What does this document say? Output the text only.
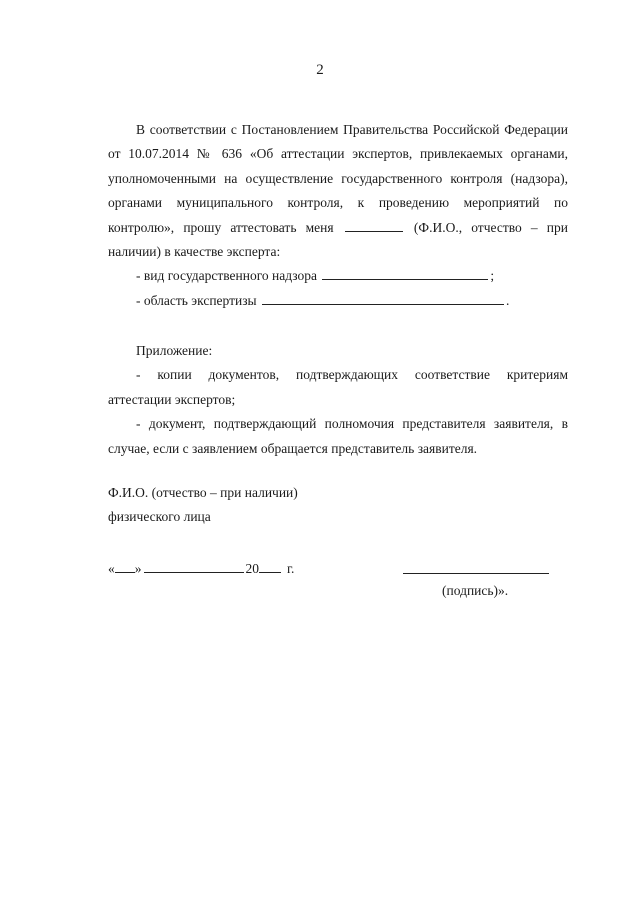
2

В соответствии с Постановлением Правительства Российской Федерации

от 10.07.2014 № 636 «Об аттестации экспертов, привлекаемых органами,

уполномоченными на осуществление государственного контроля (надзора),

органами муниципального контроля, к проведению мероприятий по

контролю», прошу аттестовать меня	(Ф.И.О., отчество – при

наличии) в качестве эксперта:

- вид государственного надзора	;

- область экспертизы	.

Приложение:

- копии документов, подтверждающих соответствие критериям

аттестации экспертов;

- документ, подтверждающий полномочия представителя заявителя, в

случае, если с заявлением обращается представитель заявителя.

Ф.И.О. (отчество – при наличии)

физического лица

« »	20 г.
(подпись)».
